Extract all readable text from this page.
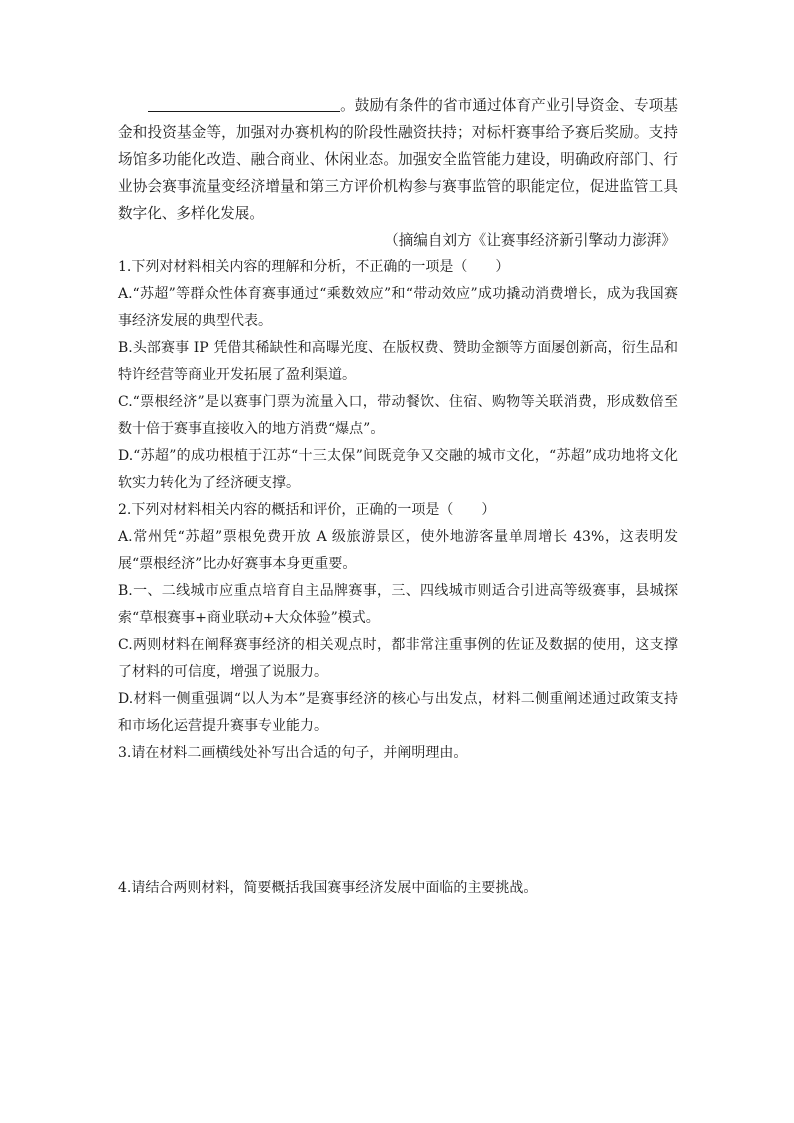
。鼓励有条件的省市通过体育产业引导资金、专项基金和投资基金等，加强对办赛机构的阶段性融资扶持；对标杆赛事给予赛后奖励。支持场馆多功能化改造、融合商业、休闲业态。加强安全监管能力建设，明确政府部门、行业协会赛事流量变经济增量和第三方评价机构参与赛事监管的职能定位，促进监管工具数字化、多样化发展。

（摘编自刘方《让赛事经济新引擎动力澎湃》

1.下列对材料相关内容的理解和分析，不正确的一项是（　　）

A.“苏超”等群众性体育赛事通过“乘数效应”和“带动效应”成功撬动消费增长，成为我国赛事经济发展的典型代表。

B.头部赛事 IP 凭借其稀缺性和高曝光度、在版权费、赞助金额等方面屡创新高，衍生品和特许经营等商业开发拓展了盈利渠道。

C.“票根经济”是以赛事门票为流量入口，带动餐饮、住宿、购物等关联消费，形成数倍至数十倍于赛事直接收入的地方消费“爆点”。

D.“苏超”的成功根植于江苏“十三太保”间既竞争又交融的城市文化，“苏超”成功地将文化软实力转化为了经济硬支撑。

2.下列对材料相关内容的概括和评价，正确的一项是（　　）

A.常州凭“苏超”票根免费开放 A 级旅游景区，使外地游客量单周增长 43%，这表明发展“票根经济”比办好赛事本身更重要。

B.一、二线城市应重点培育自主品牌赛事，三、四线城市则适合引进高等级赛事，县城探索“草根赛事+商业联动+大众体验”模式。

C.两则材料在阐释赛事经济的相关观点时，都非常注重事例的佐证及数据的使用，这支撑了材料的可信度，增强了说服力。

D.材料一侧重强调“以人为本”是赛事经济的核心与出发点，材料二侧重阐述通过政策支持和市场化运营提升赛事专业能力。

3.请在材料二画横线处补写出合适的句子，并阐明理由。

4.请结合两则材料，简要概括我国赛事经济发展中面临的主要挑战。
